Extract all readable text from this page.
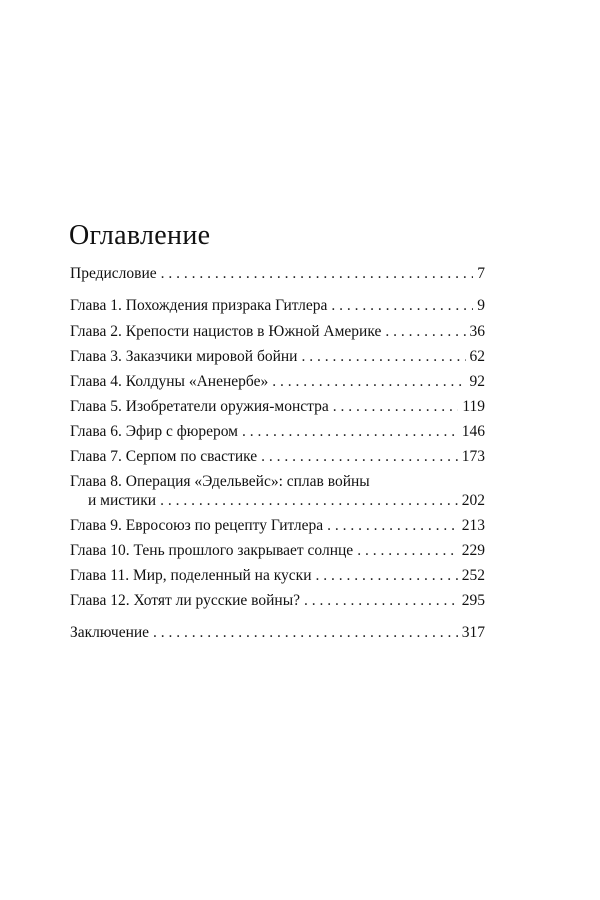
Оглавление
Предисловие . . .	7
Глава 1. Похождения призрака Гитлера . . .	9
Глава 2. Крепости нацистов в Южной Америке . . .	36
Глава 3. Заказчики мировой бойни . . .	62
Глава 4. Колдуны «Аненербе» . . .	92
Глава 5. Изобретатели оружия-монстра . . .	119
Глава 6. Эфир с фюрером . . .	146
Глава 7. Серпом по свастике . . .	173
Глава 8. Операция «Эдельвейс»: сплав войны
и мистики . . .	202
Глава 9. Евросоюз по рецепту Гитлера . . .	213
Глава 10. Тень прошлого закрывает солнце . . .	229
Глава 11. Мир, поделенный на куски . . .	252
Глава 12. Хотят ли русские войны? . . .	295
Заключение . . .	317
